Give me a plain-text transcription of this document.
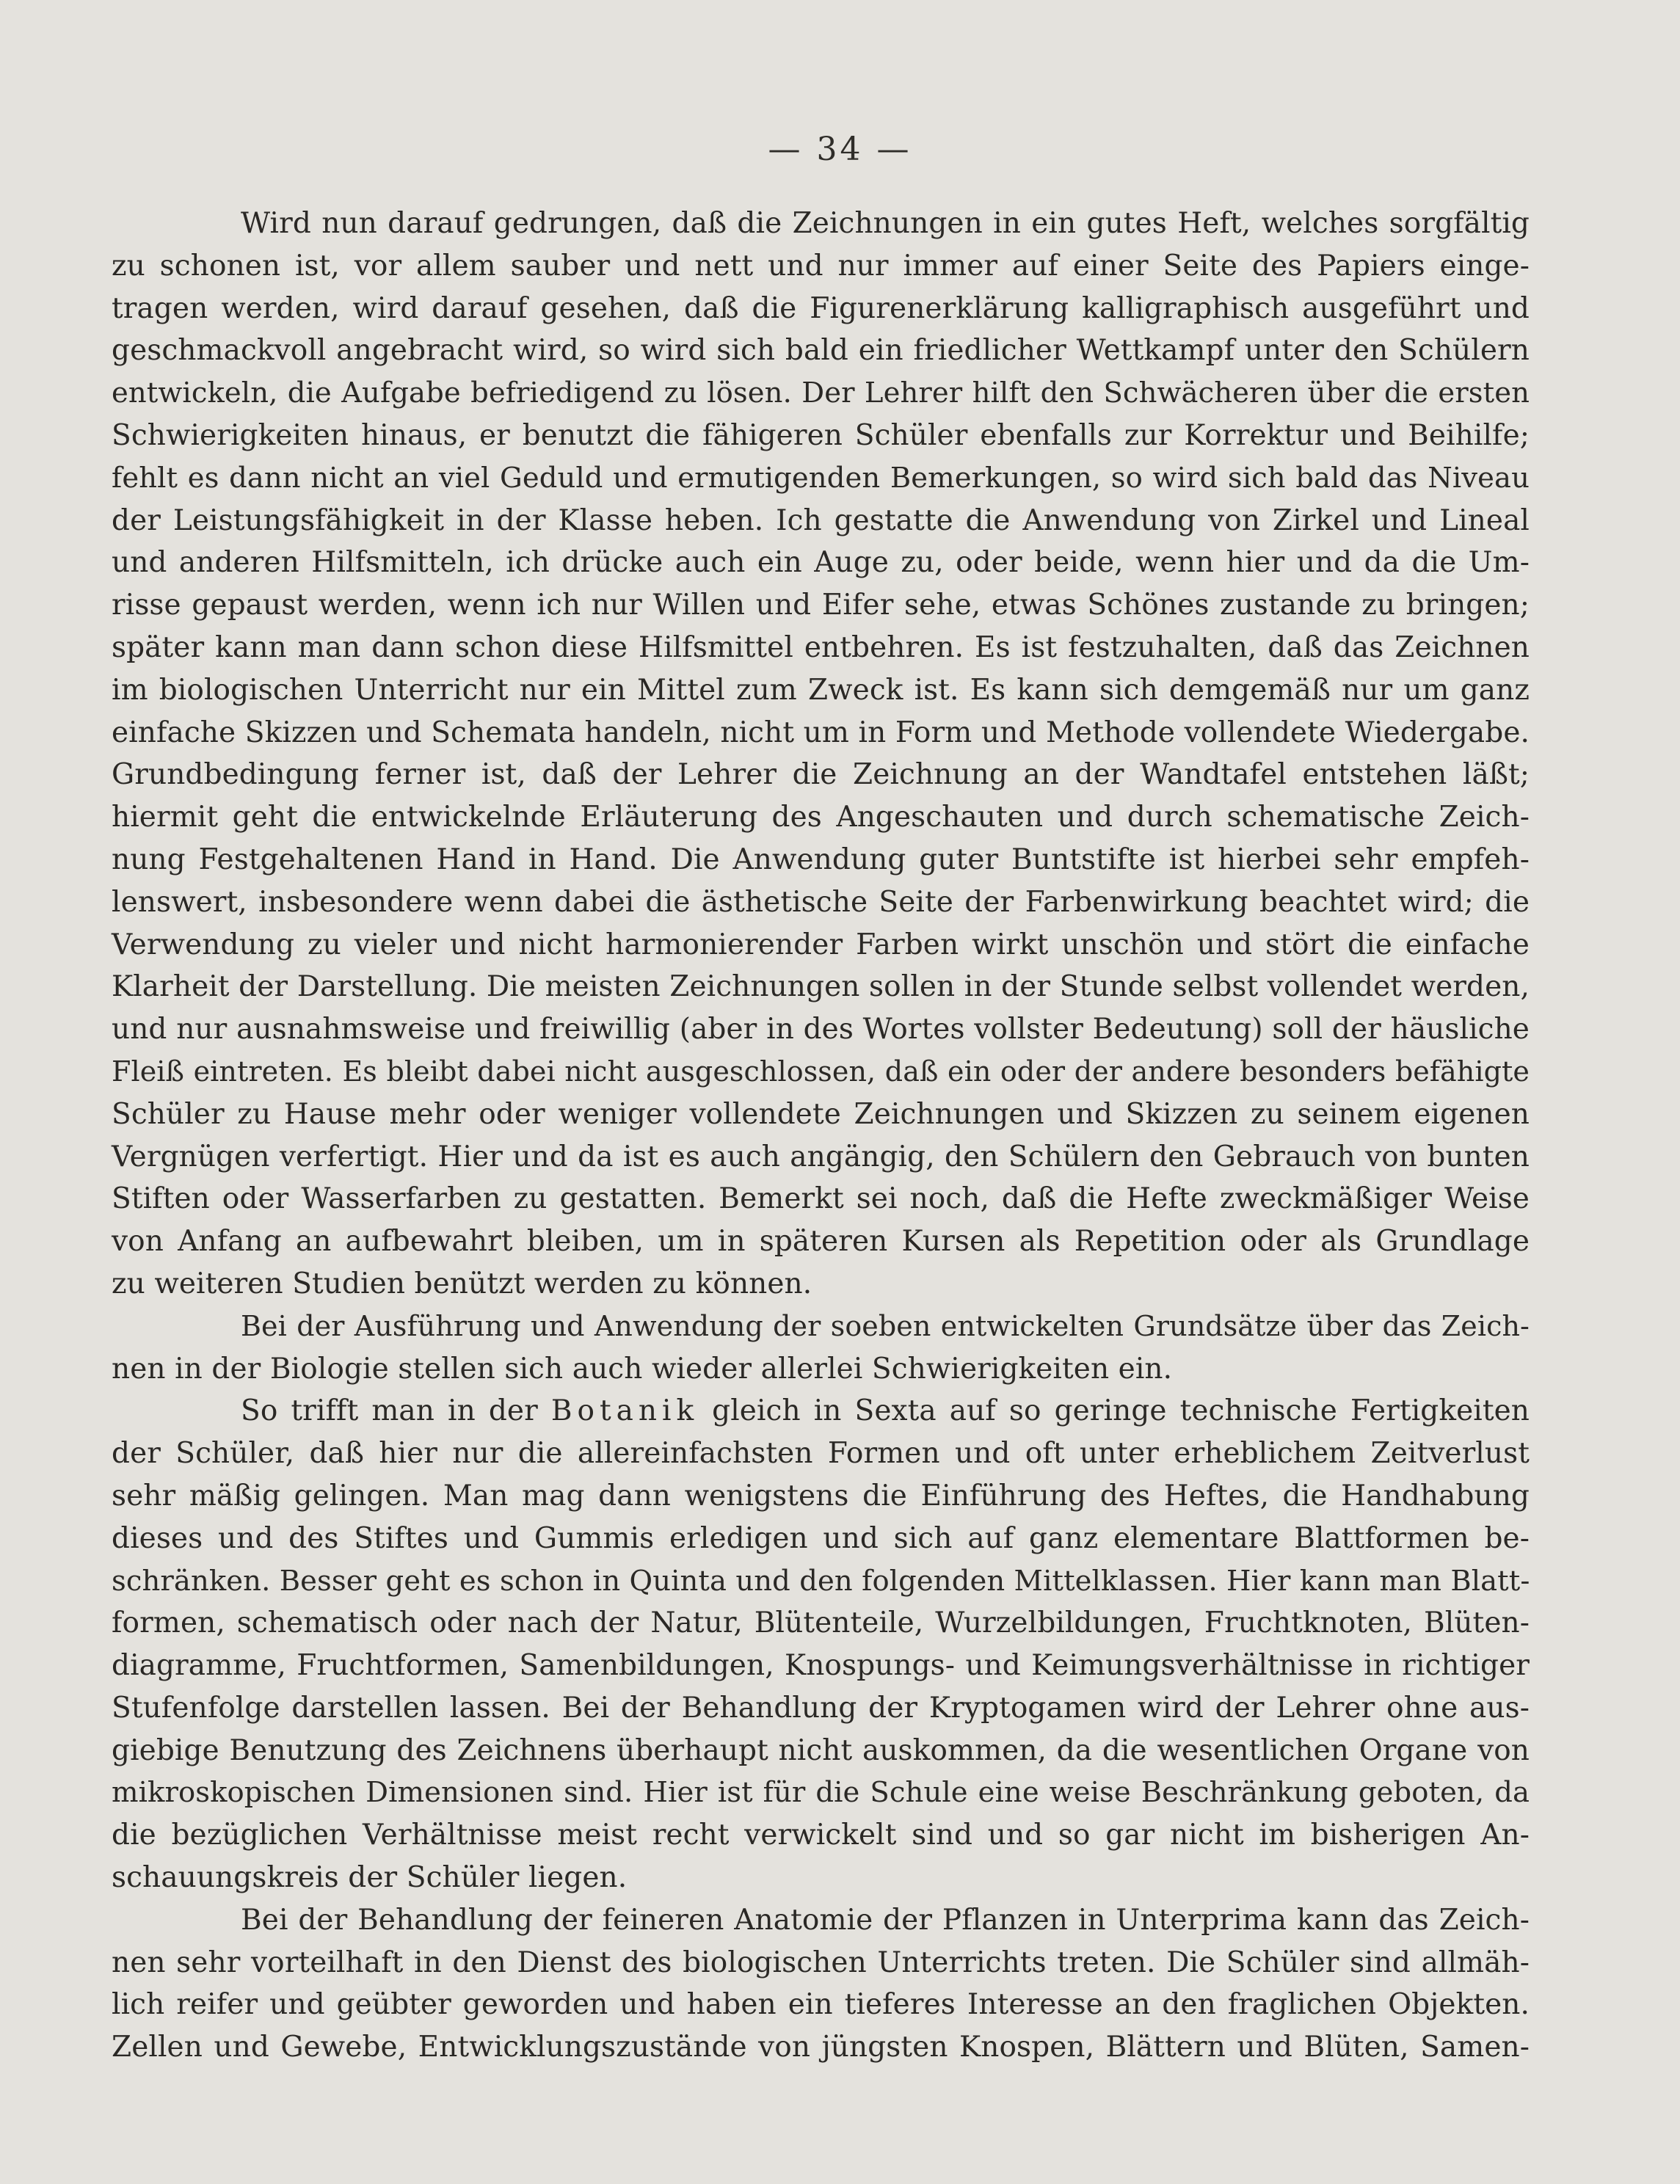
— 34 —
Wird nun darauf gedrungen, daß die Zeichnungen in ein gutes Heft, welches sorgfältig
zu schonen ist, vor allem sauber und nett und nur immer auf einer Seite des Papiers einge-
tragen werden, wird darauf gesehen, daß die Figurenerklärung kalligraphisch ausgeführt und
geschmackvoll angebracht wird, so wird sich bald ein friedlicher Wettkampf unter den Schülern
entwickeln, die Aufgabe befriedigend zu lösen. Der Lehrer hilft den Schwächeren über die ersten
Schwierigkeiten hinaus, er benutzt die fähigeren Schüler ebenfalls zur Korrektur und Beihilfe;
fehlt es dann nicht an viel Geduld und ermutigenden Bemerkungen, so wird sich bald das Niveau
der Leistungsfähigkeit in der Klasse heben. Ich gestatte die Anwendung von Zirkel und Lineal
und anderen Hilfsmitteln, ich drücke auch ein Auge zu, oder beide, wenn hier und da die Um-
risse gepaust werden, wenn ich nur Willen und Eifer sehe, etwas Schönes zustande zu bringen;
später kann man dann schon diese Hilfsmittel entbehren. Es ist festzuhalten, daß das Zeichnen
im biologischen Unterricht nur ein Mittel zum Zweck ist. Es kann sich demgemäß nur um ganz
einfache Skizzen und Schemata handeln, nicht um in Form und Methode vollendete Wiedergabe.
Grundbedingung ferner ist, daß der Lehrer die Zeichnung an der Wandtafel entstehen läßt;
hiermit geht die entwickelnde Erläuterung des Angeschauten und durch schematische Zeich-
nung Festgehaltenen Hand in Hand. Die Anwendung guter Buntstifte ist hierbei sehr empfeh-
lenswert, insbesondere wenn dabei die ästhetische Seite der Farbenwirkung beachtet wird; die
Verwendung zu vieler und nicht harmonierender Farben wirkt unschön und stört die einfache
Klarheit der Darstellung. Die meisten Zeichnungen sollen in der Stunde selbst vollendet werden,
und nur ausnahmsweise und freiwillig (aber in des Wortes vollster Bedeutung) soll der häusliche
Fleiß eintreten. Es bleibt dabei nicht ausgeschlossen, daß ein oder der andere besonders befähigte
Schüler zu Hause mehr oder weniger vollendete Zeichnungen und Skizzen zu seinem eigenen
Vergnügen verfertigt. Hier und da ist es auch angängig, den Schülern den Gebrauch von bunten
Stiften oder Wasserfarben zu gestatten. Bemerkt sei noch, daß die Hefte zweckmäßiger Weise
von Anfang an aufbewahrt bleiben, um in späteren Kursen als Repetition oder als Grundlage
zu weiteren Studien benützt werden zu können.
Bei der Ausführung und Anwendung der soeben entwickelten Grundsätze über das Zeich-
nen in der Biologie stellen sich auch wieder allerlei Schwierigkeiten ein.
So trifft man in der Botanik gleich in Sexta auf so geringe technische Fertigkeiten
der Schüler, daß hier nur die allereinfachsten Formen und oft unter erheblichem Zeitverlust
sehr mäßig gelingen. Man mag dann wenigstens die Einführung des Heftes, die Handhabung
dieses und des Stiftes und Gummis erledigen und sich auf ganz elementare Blattformen be-
schränken. Besser geht es schon in Quinta und den folgenden Mittelklassen. Hier kann man Blatt-
formen, schematisch oder nach der Natur, Blütenteile, Wurzelbildungen, Fruchtknoten, Blüten-
diagramme, Fruchtformen, Samenbildungen, Knospungs- und Keimungsverhältnisse in richtiger
Stufenfolge darstellen lassen. Bei der Behandlung der Kryptogamen wird der Lehrer ohne aus-
giebige Benutzung des Zeichnens überhaupt nicht auskommen, da die wesentlichen Organe von
mikroskopischen Dimensionen sind. Hier ist für die Schule eine weise Beschränkung geboten, da
die bezüglichen Verhältnisse meist recht verwickelt sind und so gar nicht im bisherigen An-
schauungskreis der Schüler liegen.
Bei der Behandlung der feineren Anatomie der Pflanzen in Unterprima kann das Zeich-
nen sehr vorteilhaft in den Dienst des biologischen Unterrichts treten. Die Schüler sind allmäh-
lich reifer und geübter geworden und haben ein tieferes Interesse an den fraglichen Objekten.
Zellen und Gewebe, Entwicklungszustände von jüngsten Knospen, Blättern und Blüten, Samen-
